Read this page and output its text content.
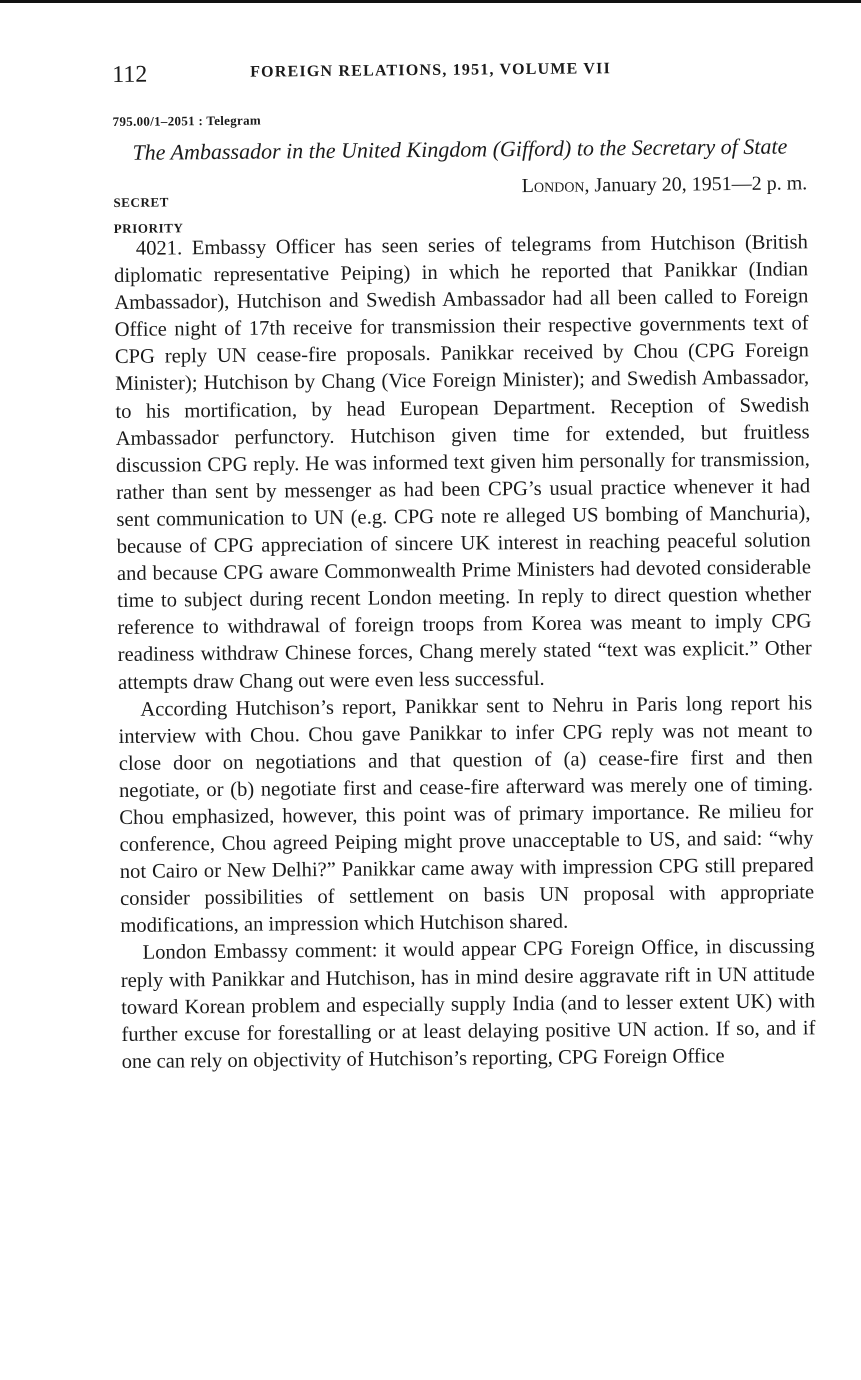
112	FOREIGN RELATIONS, 1951, VOLUME VII
795.00/1–2051 : Telegram
The Ambassador in the United Kingdom (Gifford) to the Secretary of State
SECRET
London, January 20, 1951—2 p. m.
PRIORITY

4021. Embassy Officer has seen series of telegrams from Hutchison (British diplomatic representative Peiping) in which he reported that Panikkar (Indian Ambassador), Hutchison and Swedish Ambassador had all been called to Foreign Office night of 17th receive for transmission their respective governments text of CPG reply UN cease-fire proposals. Panikkar received by Chou (CPG Foreign Minister); Hutchison by Chang (Vice Foreign Minister); and Swedish Ambassador, to his mortification, by head European Department. Reception of Swedish Ambassador perfunctory. Hutchison given time for extended, but fruitless discussion CPG reply. He was informed text given him personally for transmission, rather than sent by messenger as had been CPG’s usual practice whenever it had sent communication to UN (e.g. CPG note re alleged US bombing of Manchuria), because of CPG appreciation of sincere UK interest in reaching peaceful solution and because CPG aware Commonwealth Prime Ministers had devoted considerable time to subject during recent London meeting. In reply to direct question whether reference to withdrawal of foreign troops from Korea was meant to imply CPG readiness withdraw Chinese forces, Chang merely stated “text was explicit.” Other attempts draw Chang out were even less successful.

According Hutchison’s report, Panikkar sent to Nehru in Paris long report his interview with Chou. Chou gave Panikkar to infer CPG reply was not meant to close door on negotiations and that question of (a) cease-fire first and then negotiate, or (b) negotiate first and cease-fire afterward was merely one of timing. Chou emphasized, however, this point was of primary importance. Re milieu for conference, Chou agreed Peiping might prove unacceptable to US, and said: “why not Cairo or New Delhi?” Panikkar came away with impression CPG still prepared consider possibilities of settlement on basis UN proposal with appropriate modifications, an impression which Hutchison shared.

London Embassy comment: it would appear CPG Foreign Office, in discussing reply with Panikkar and Hutchison, has in mind desire aggravate rift in UN attitude toward Korean problem and especially supply India (and to lesser extent UK) with further excuse for forestalling or at least delaying positive UN action. If so, and if one can rely on objectivity of Hutchison’s reporting, CPG Foreign Office
